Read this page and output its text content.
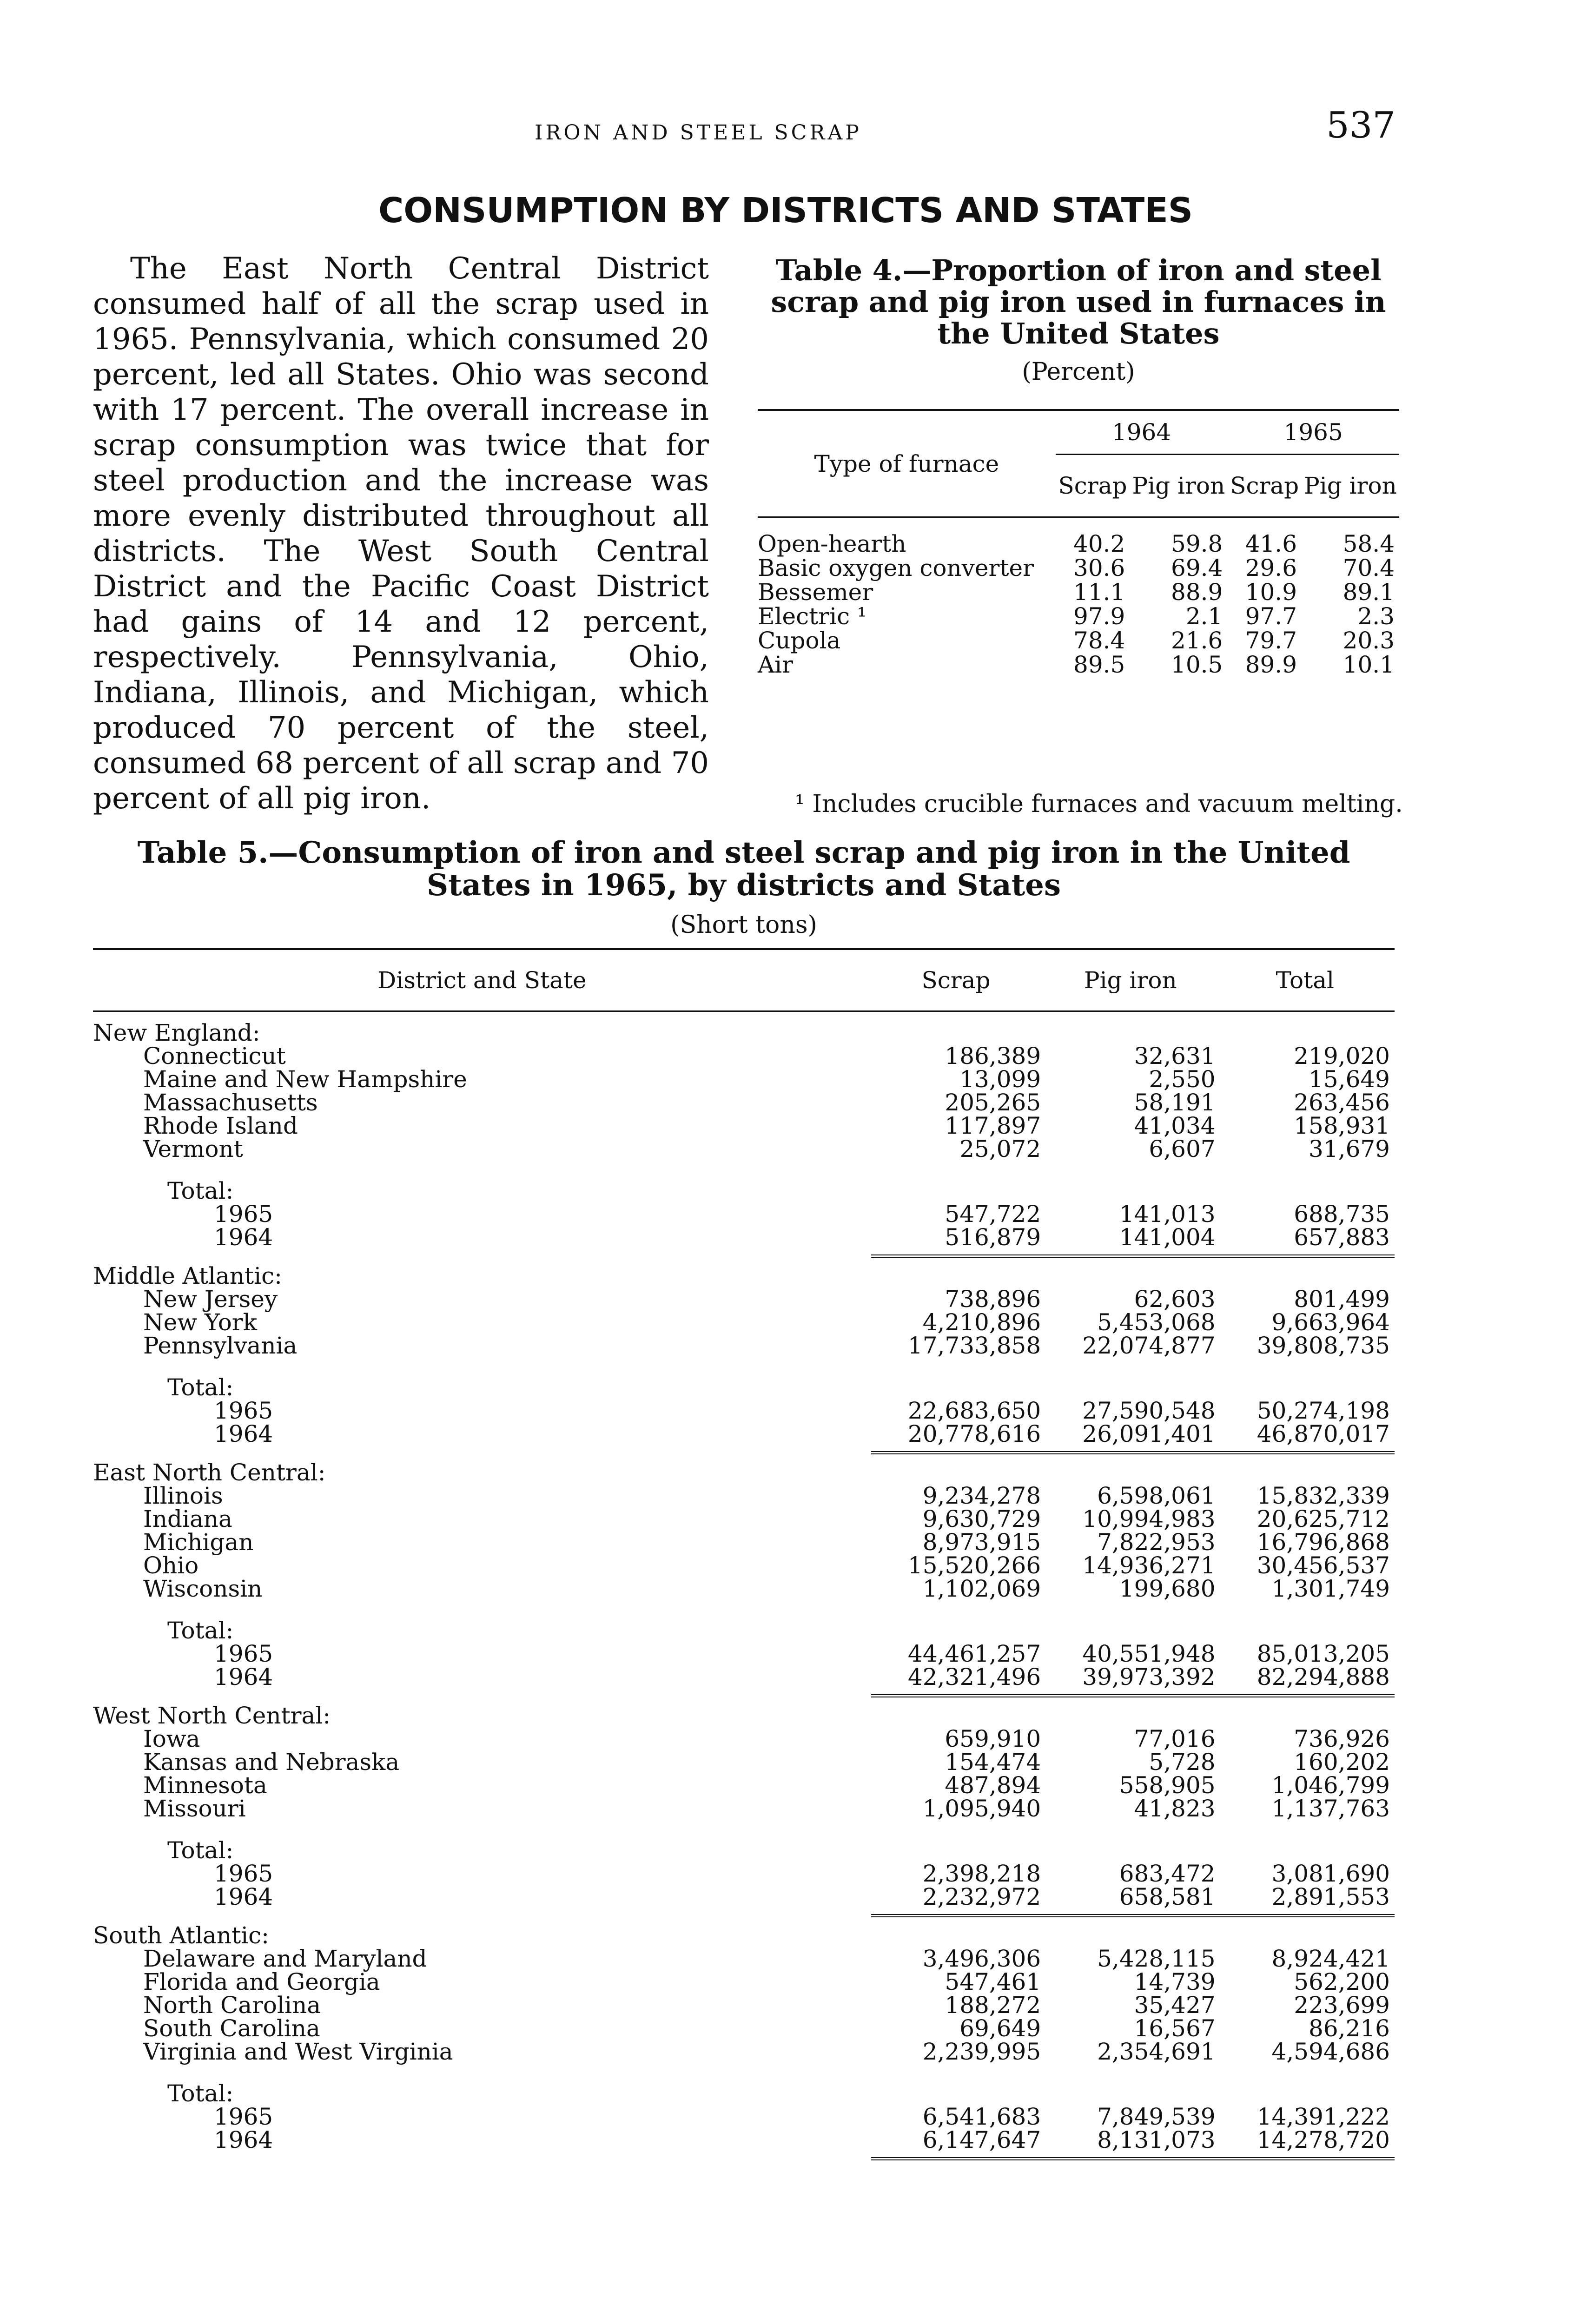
IRON AND STEEL SCRAP	537
CONSUMPTION BY DISTRICTS AND STATES
The East North Central District consumed half of all the scrap used in 1965. Pennsylvania, which consumed 20 percent, led all States. Ohio was second with 17 percent. The overall increase in scrap consumption was twice that for steel production and the increase was more evenly distributed throughout all districts. The West South Central District and the Pacific Coast District had gains of 14 and 12 percent, respectively. Pennsylvania, Ohio, Indiana, Illinois, and Michigan, which produced 70 percent of the steel, consumed 68 percent of all scrap and 70 percent of all pig iron.
Table 4.—Proportion of iron and steel scrap and pig iron used in furnaces in the United States
(Percent)
Type of furnace	1964		1965	
	Scrap	Pig iron	Scrap	Pig iron
Open-hearth	40.2	59.8	41.6	58.4
Basic oxygen converter	30.6	69.4	29.6	70.4
Bessemer	11.1	88.9	10.9	89.1
Electric ¹	97.9	2.1	97.7	2.3
Cupola	78.4	21.6	79.7	20.3
Air	89.5	10.5	89.9	10.1
¹ Includes crucible furnaces and vacuum melting.
Table 5.—Consumption of iron and steel scrap and pig iron in the United States in 1965, by districts and States
(Short tons)
District and State	Scrap	Pig iron	Total

New England:			
Connecticut	186,389	32,631	219,020
Maine and New Hampshire	13,099	2,550	15,649
Massachusetts	205,265	58,191	263,456
Rhode Island	117,897	41,034	158,931
Vermont	25,072	6,607	31,679

Total:			
1965	547,722	141,013	688,735
1964	516,879	141,004	657,883

Middle Atlantic:			
New Jersey	738,896	62,603	801,499
New York	4,210,896	5,453,068	9,663,964
Pennsylvania	17,733,858	22,074,877	39,808,735

Total:			
1965	22,683,650	27,590,548	50,274,198
1964	20,778,616	26,091,401	46,870,017

East North Central:			
Illinois	9,234,278	6,598,061	15,832,339
Indiana	9,630,729	10,994,983	20,625,712
Michigan	8,973,915	7,822,953	16,796,868
Ohio	15,520,266	14,936,271	30,456,537
Wisconsin	1,102,069	199,680	1,301,749

Total:			
1965	44,461,257	40,551,948	85,013,205
1964	42,321,496	39,973,392	82,294,888

West North Central:			
Iowa	659,910	77,016	736,926
Kansas and Nebraska	154,474	5,728	160,202
Minnesota	487,894	558,905	1,046,799
Missouri	1,095,940	41,823	1,137,763

Total:			
1965	2,398,218	683,472	3,081,690
1964	2,232,972	658,581	2,891,553

South Atlantic:			
Delaware and Maryland	3,496,306	5,428,115	8,924,421
Florida and Georgia	547,461	14,739	562,200
North Carolina	188,272	35,427	223,699
South Carolina	69,649	16,567	86,216
Virginia and West Virginia	2,239,995	2,354,691	4,594,686

Total:			
1965	6,541,683	7,849,539	14,391,222
1964	6,147,647	8,131,073	14,278,720
